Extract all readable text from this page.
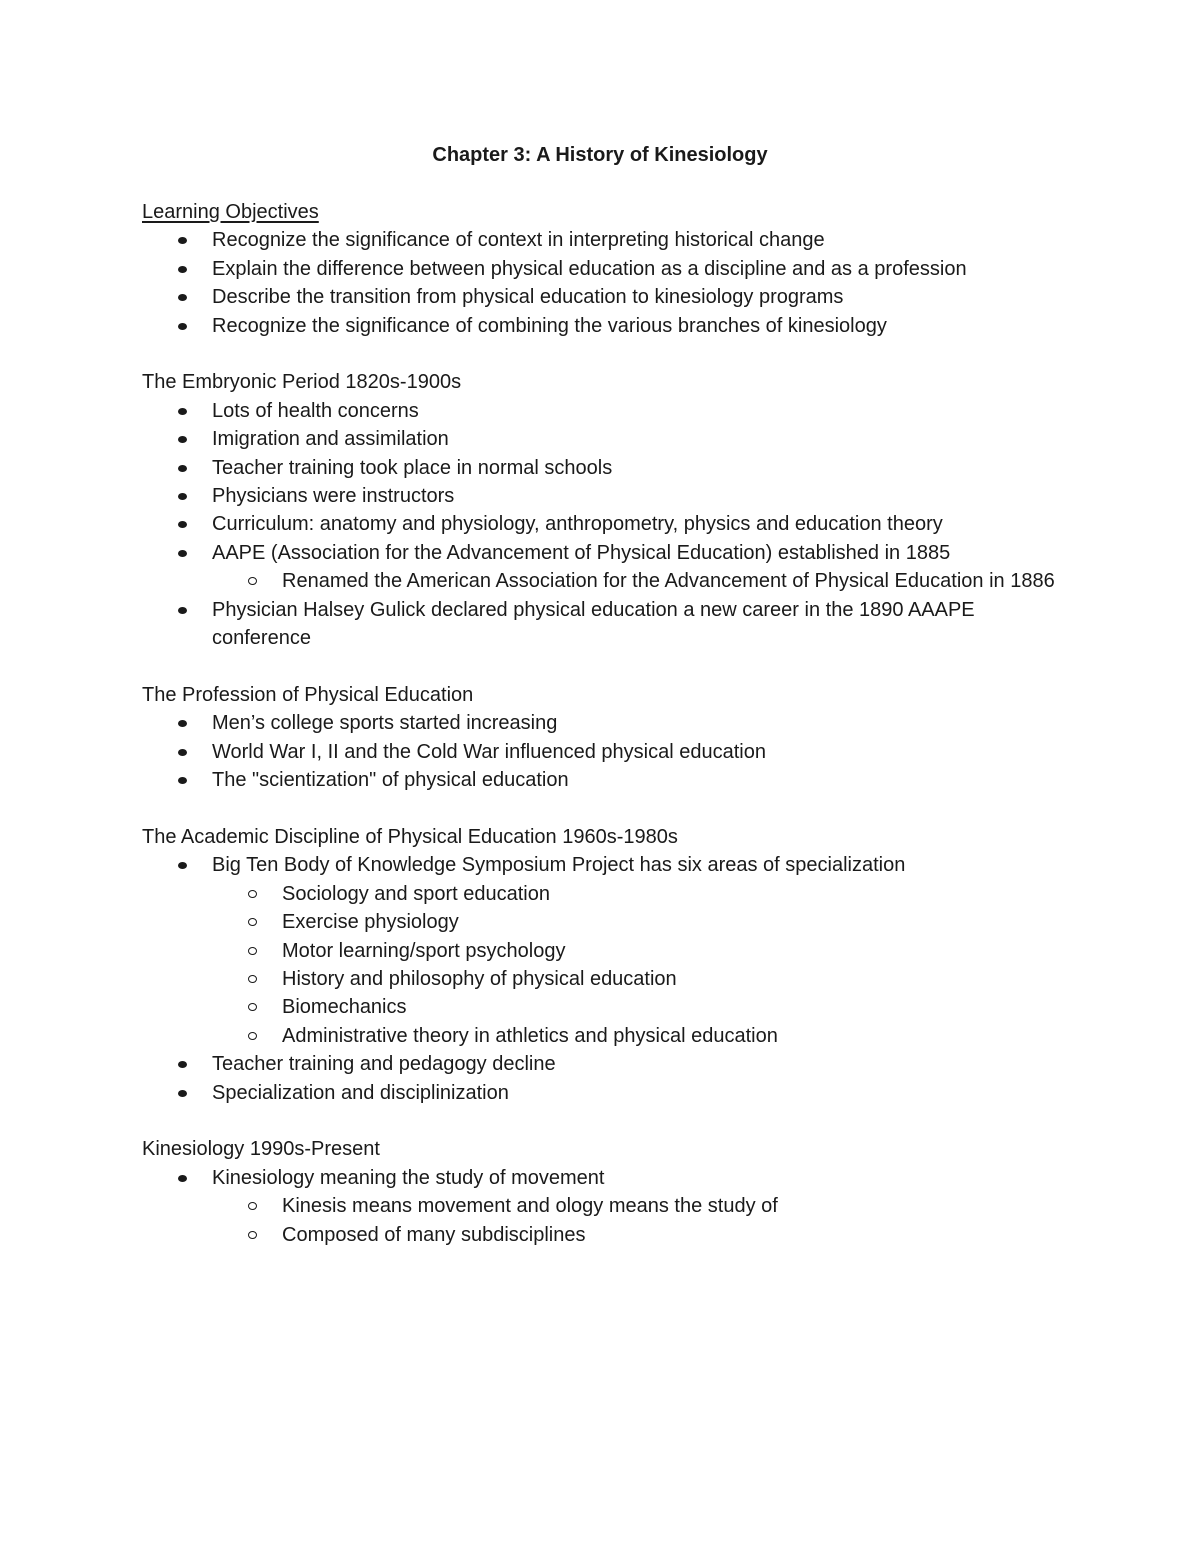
Chapter 3: A History of Kinesiology

Learning Objectives

Recognize the significance of context in interpreting historical change
Explain the difference between physical education as a discipline and as a profession
Describe the transition from physical education to kinesiology programs
Recognize the significance of combining the various branches of kinesiology

The Embryonic Period 1820s-1900s

Lots of health concerns
Imigration and assimilation
Teacher training took place in normal schools
Physicians were instructors
Curriculum: anatomy and physiology, anthropometry, physics and education theory
AAPE (Association for the Advancement of Physical Education) established in 1885
Renamed the American Association for the Advancement of Physical Education in 1886
Physician Halsey Gulick declared physical education a new career in the 1890 AAAPE conference

The Profession of Physical Education

Men’s college sports started increasing
World War I, II and the Cold War influenced physical education
The "scientization" of physical education

The Academic Discipline of Physical Education 1960s-1980s

Big Ten Body of Knowledge Symposium Project has six areas of specialization
Sociology and sport education
Exercise physiology
Motor learning/sport psychology
History and philosophy of physical education
Biomechanics
Administrative theory in athletics and physical education
Teacher training and pedagogy decline
Specialization and disciplinization

Kinesiology 1990s-Present

Kinesiology meaning the study of movement
Kinesis means movement and ology means the study of
Composed of many subdisciplines
